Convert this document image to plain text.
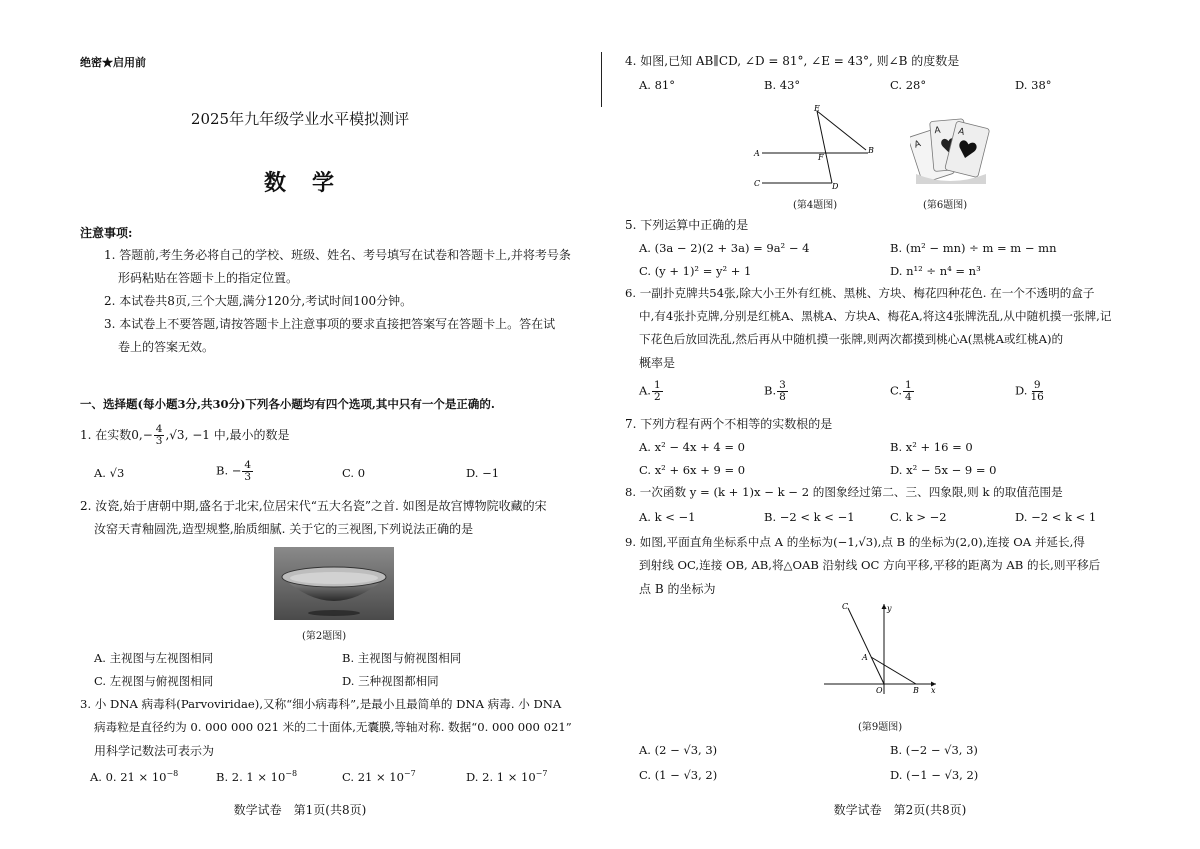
绝密★启用前
2025年九年级学业水平模拟测评
数　学
注意事项:
1. 答题前,考生务必将自己的学校、班级、姓名、考号填写在试卷和答题卡上,并将考号条
形码粘贴在答题卡上的指定位置。
2. 本试卷共8页,三个大题,满分120分,考试时间100分钟。
3. 本试卷上不要答题,请按答题卡上注意事项的要求直接把答案写在答题卡上。答在试
卷上的答案无效。
一、选择题(每小题3分,共30分)下列各小题均有四个选项,其中只有一个是正确的.
1. 在实数$0,- \frac{4}{3} ,√3$, −1 中,最小的数是
A. √3	B. − $\frac{4}{3}$	C. 0	D. −1
2. 汝瓷,始于唐朝中期,盛名于北宋,位居宋代“五大名瓷”之首. 如图是故宫博物院收藏的宋
汝窑天青釉圆洗,造型规整,胎质细腻. 关于它的三视图,下列说法正确的是
(第2题图)
A. 主视图与左视图相同	B. 主视图与俯视图相同
C. 左视图与俯视图相同	D. 三种视图都相同
3. 小 DNA 病毒科(Parvoviridae),又称“细小病毒科”,是最小且最简单的 DNA 病毒. 小 DNA
病毒粒是直径约为 0. 000 000 021 米的二十面体,无囊膜,等轴对称. 数据“0. 000 000 021”
用科学记数法可表示为
A. 0. $21 \times 10^{-8}$	B. 2. $1 \times 10^{-8}$	C. $21 \times 10^{-7}$	D. 2. $1 \times 10^{-7}$
数学试卷　第1页(共8页)
4. 如图,已知 AB∥CD, ∠D = 81°, ∠E = 43°, 则∠B 的度数是
A. 81°	B. 43°	C. 28°	D. 38°
E
A	B
F
C	D
(第4题图)
A
A A
(第6题图)
5. 下列运算中正确的是
A. (3a − 2)(2 + 3a) = 9a² − 4	B. (m² − mn) ÷ m = m − mn
C. (y + 1)² = y² + 1	D. n¹² ÷ n⁴ = n³
6. 一副扑克牌共54张,除大小王外有红桃、黑桃、方块、梅花四种花色. 在一个不透明的盒子
中,有4张扑克牌,分别是红桃A、黑桃A、方块A、梅花A,将这4张牌洗乱,从中随机摸一张牌,记
下花色后放回洗乱,然后再从中随机摸一张牌,则两次都摸到桃心A(黑桃A或红桃A)的
概率是
A. $\frac{1}{2}$	B. $\frac{3}{8}$	C. $\frac{1}{4}$	D. $\frac{9}{16}$
7. 下列方程有两个不相等的实数根的是
A. x² − 4x + 4 = 0	B. x² + 16 = 0
C. x² + 6x + 9 = 0	D. x² − 5x − 9 = 0
8. 一次函数 y = (k + 1)x − k − 2 的图象经过第二、三、四象限,则 k 的取值范围是
A. k < −1	B. −2 < k < −1	C. k > −2	D. −2 < k < 1
9. 如图,平面直角坐标系中点 A 的坐标为(−1,√3),点 B 的坐标为(2,0),连接 OA 并延长,得
到射线 OC,连接 OB, AB,将△OAB 沿射线 OC 方向平移,平移的距离为 AB 的长,则平移后
点 B 的坐标为
C	y
A
O	B x
(第9题图)
A. (2 − √3, 3)	B. (−2 − √3, 3)
C. (1 − √3, 2)	D. (−1 − √3, 2)
数学试卷　第2页(共8页)
